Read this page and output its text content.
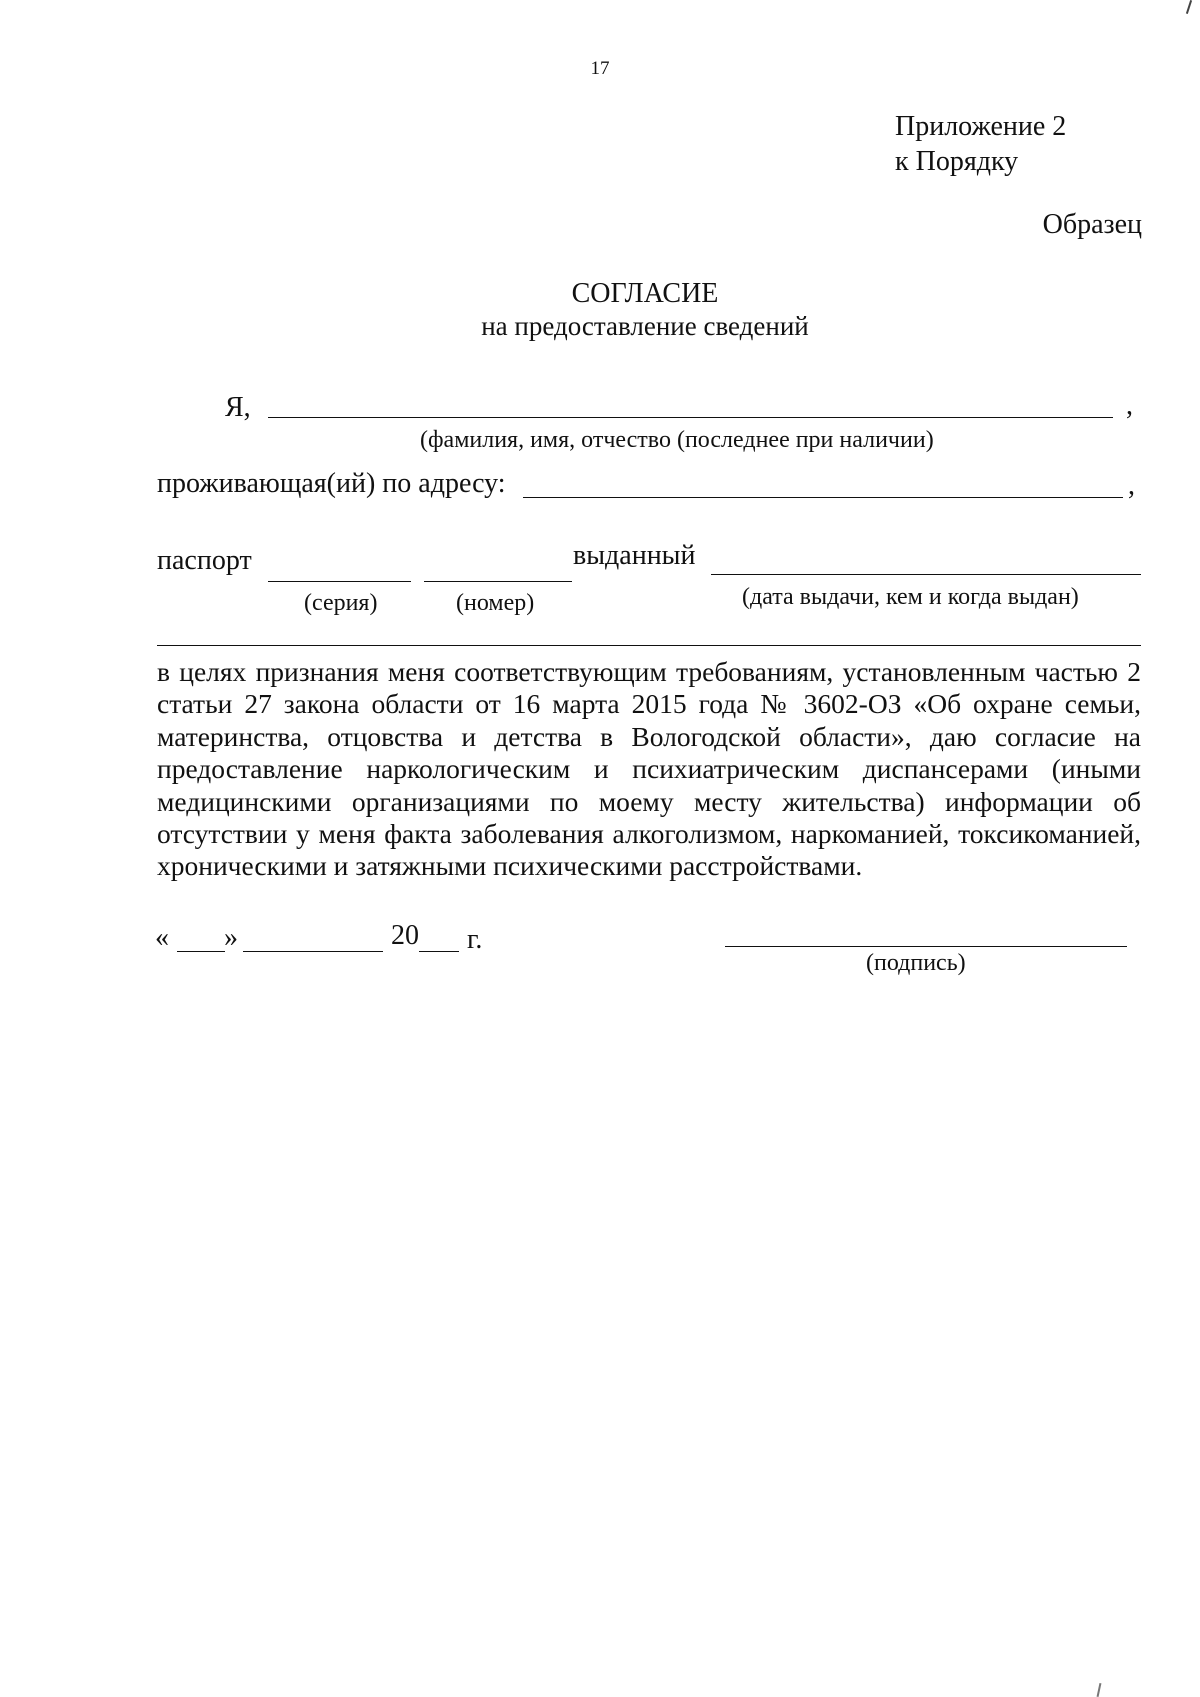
17
Приложение 2
к Порядку
Образец
СОГЛАСИЕ
на предоставление сведений
Я,	,
(фамилия, имя, отчество (последнее при наличии)
проживающая(ий) по адресу:	,
паспорт	выданный
(серия)	(номер)	(дата выдачи, кем и когда выдан)

в целях признания меня соответствующим требованиям, установленным частью 2 статьи 27 закона области от 16 марта 2015 года № 3602-ОЗ «Об охране семьи, материнства, отцовства и детства в Вологодской области», даю согласие на предоставление наркологическим и психиатрическим диспансерами (иными медицинскими организациями по моему месту жительства) информации об отсутствии у меня факта заболевания алкоголизмом, наркоманией, токсикоманией, хроническими и затяжными психическими расстройствами.

« »	20 г.
(подпись)
